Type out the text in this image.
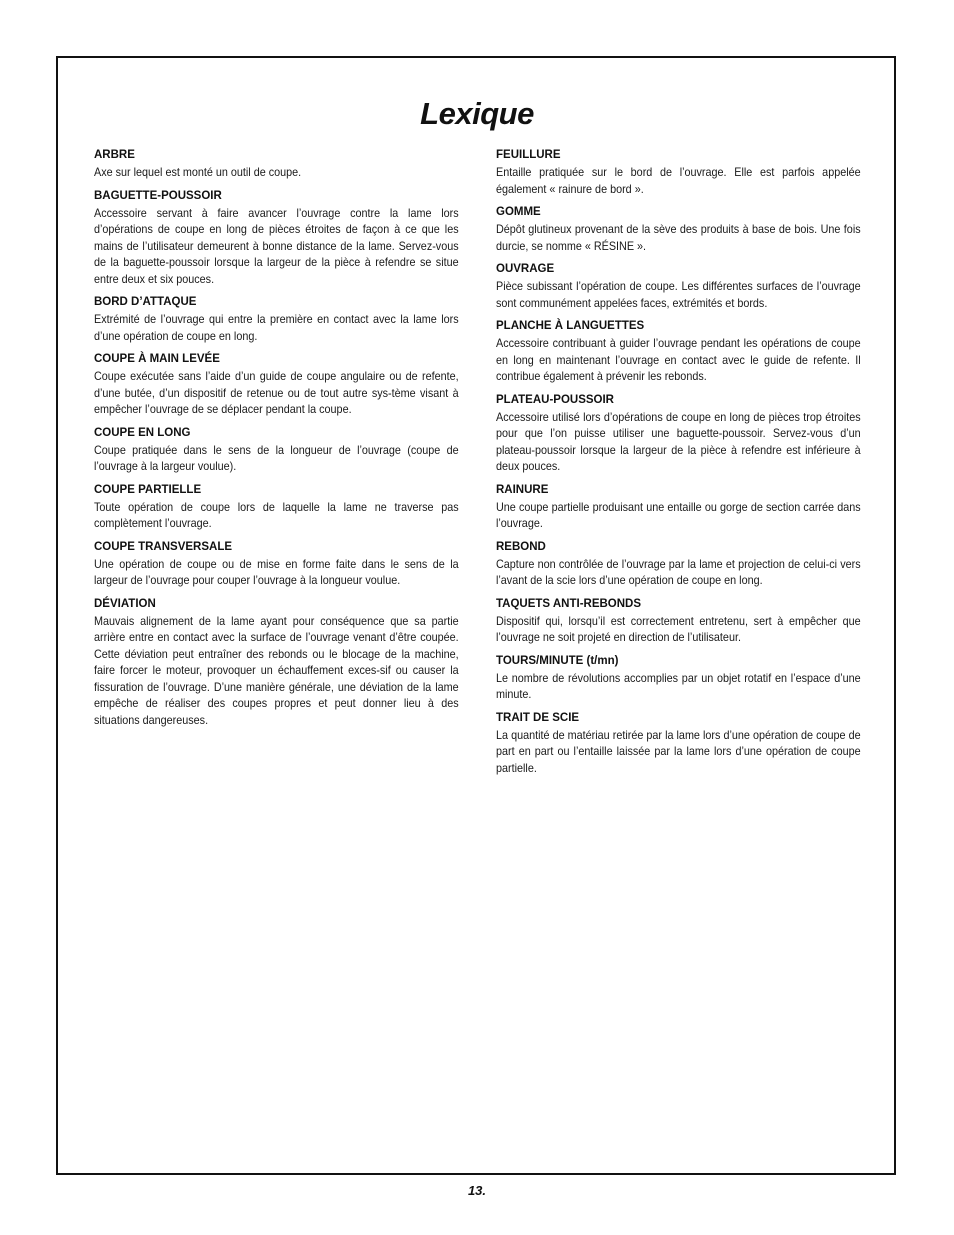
Lexique
ARBRE

Axe sur lequel est monté un outil de coupe.

BAGUETTE-POUSSOIR

Accessoire servant à faire avancer l’ouvrage contre la lame lors d’opérations de coupe en long de pièces étroites de façon à ce que les mains de l’utilisateur demeurent à bonne distance de la lame. Servez-vous de la baguette-poussoir lorsque la largeur de la pièce à refendre se situe entre deux et six pouces.

BORD D’ATTAQUE

Extrémité de l’ouvrage qui entre la première en contact avec la lame lors d’une opération de coupe en long.

COUPE À MAIN LEVÉE

Coupe exécutée sans l’aide d’un guide de coupe angulaire ou de refente, d’une butée, d’un dispositif de retenue ou de tout autre sys-tème visant à empêcher l’ouvrage de se déplacer pendant la coupe.

COUPE EN LONG

Coupe pratiquée dans le sens de la longueur de l’ouvrage (coupe de l’ouvrage à la largeur voulue).

COUPE PARTIELLE

Toute opération de coupe lors de laquelle la lame ne traverse pas complètement l’ouvrage.

COUPE TRANSVERSALE

Une opération de coupe ou de mise en forme faite dans le sens de la largeur de l’ouvrage pour couper l’ouvrage à la longueur voulue.

DÉVIATION

Mauvais alignement de la lame ayant pour conséquence que sa partie arrière entre en contact avec la surface de l’ouvrage venant d’être coupée. Cette déviation peut entraîner des rebonds ou le blocage de la machine, faire forcer le moteur, provoquer un échauffement exces-sif ou causer la fissuration de l’ouvrage. D’une manière générale, une déviation de la lame empêche de réaliser des coupes propres et peut donner lieu à des situations dangereuses.

FEUILLURE

Entaille pratiquée sur le bord de l’ouvrage. Elle est parfois appelée également « rainure de bord ».

GOMME

Dépôt glutineux provenant de la sève des produits à base de bois. Une fois durcie, se nomme « RÉSINE ».

OUVRAGE

Pièce subissant l’opération de coupe. Les différentes surfaces de l’ouvrage sont communément appelées faces, extrémités et bords.

PLANCHE À LANGUETTES

Accessoire contribuant à guider l’ouvrage pendant les opérations de coupe en long en maintenant l’ouvrage en contact avec le guide de refente. Il contribue également à prévenir les rebonds.

PLATEAU-POUSSOIR

Accessoire utilisé lors d’opérations de coupe en long de pièces trop étroites pour que l’on puisse utiliser une baguette-poussoir. Servez-vous d’un plateau-poussoir lorsque la largeur de la pièce à refendre est inférieure à deux pouces.

RAINURE

Une coupe partielle produisant une entaille ou gorge de section carrée dans l’ouvrage.

REBOND

Capture non contrôlée de l’ouvrage par la lame et projection de celui-ci vers l’avant de la scie lors d’une opération de coupe en long.

TAQUETS ANTI-REBONDS

Dispositif qui, lorsqu’il est correctement entretenu, sert à empêcher que l’ouvrage ne soit projeté en direction de l’utilisateur.

TOURS/MINUTE (t/mn)

Le nombre de révolutions accomplies par un objet rotatif en l’espace d’une minute.

TRAIT DE SCIE

La quantité de matériau retirée par la lame lors d’une opération de coupe de part en part ou l’entaille laissée par la lame lors d’une opération de coupe partielle.

13.
